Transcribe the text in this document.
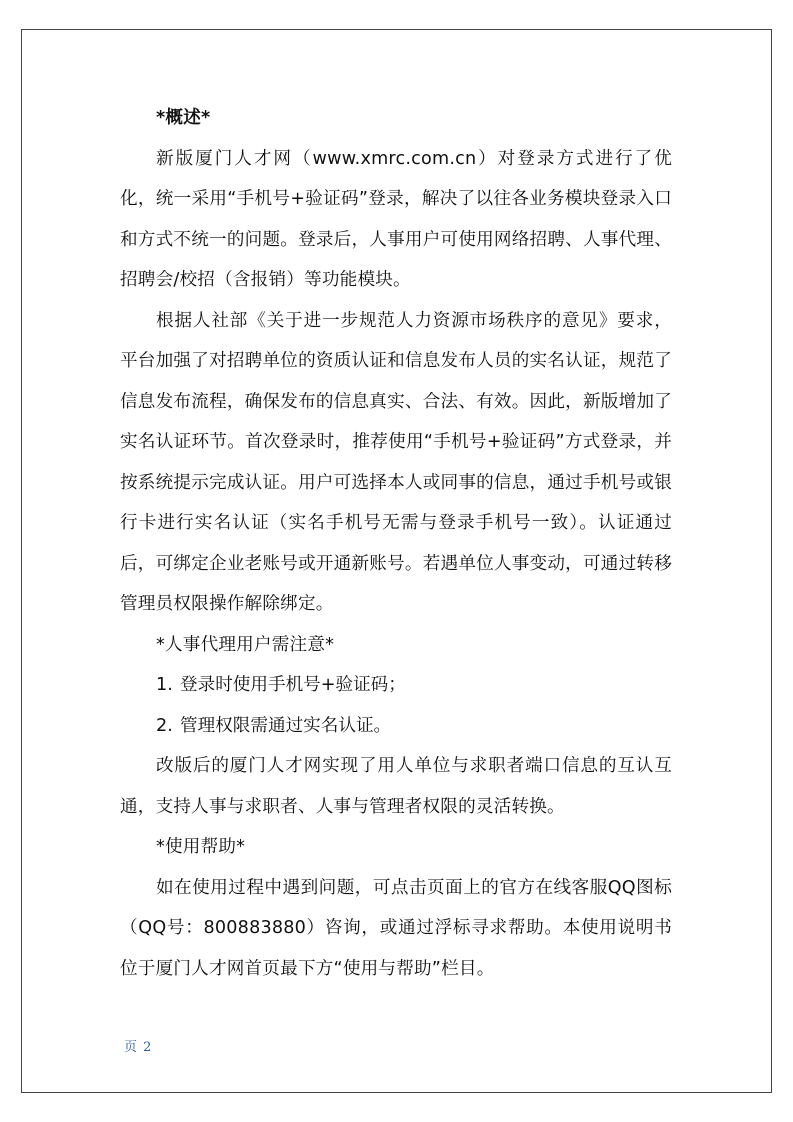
*概述*

新版厦门人才网（www.xmrc.com.cn）对登录方式进行了优化，统一采用“手机号+验证码”登录，解决了以往各业务模块登录入口和方式不统一的问题。登录后，人事用户可使用网络招聘、人事代理、招聘会/校招（含报销）等功能模块。

根据人社部《关于进一步规范人力资源市场秩序的意见》要求，平台加强了对招聘单位的资质认证和信息发布人员的实名认证，规范了信息发布流程，确保发布的信息真实、合法、有效。因此，新版增加了实名认证环节。首次登录时，推荐使用“手机号+验证码”方式登录，并按系统提示完成认证。用户可选择本人或同事的信息，通过手机号或银行卡进行实名认证（实名手机号无需与登录手机号一致）。认证通过后，可绑定企业老账号或开通新账号。若遇单位人事变动，可通过转移管理员权限操作解除绑定。

*人事代理用户需注意*

1. 登录时使用手机号+验证码；

2. 管理权限需通过实名认证。

改版后的厦门人才网实现了用人单位与求职者端口信息的互认互通，支持人事与求职者、人事与管理者权限的灵活转换。

*使用帮助*

如在使用过程中遇到问题，可点击页面上的官方在线客服QQ图标（QQ号：800883880）咨询，或通过浮标寻求帮助。本使用说明书位于厦门人才网首页最下方“使用与帮助”栏目。

页 2
